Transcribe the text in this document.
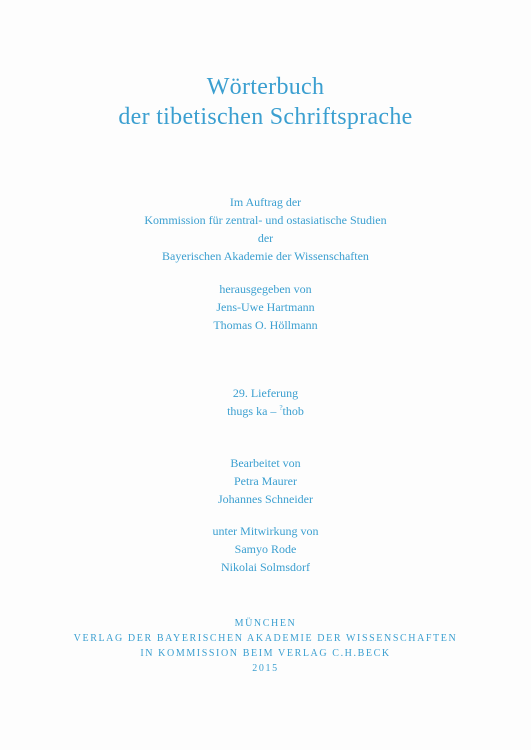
Wörterbuch
der tibetischen Schriftsprache
Im Auftrag der
Kommission für zentral- und ostasiatische Studien
der
Bayerischen Akademie der Wissenschaften
herausgegeben von
Jens-Uwe Hartmann
Thomas O. Höllmann
29. Lieferung
thugs ka – ?thob
Bearbeitet von
Petra Maurer
Johannes Schneider
unter Mitwirkung von
Samyo Rode
Nikolai Solmsdorf
MÜNCHEN
VERLAG DER BAYERISCHEN AKADEMIE DER WISSENSCHAFTEN
IN KOMMISSION BEIM VERLAG C.H.BECK
2015
